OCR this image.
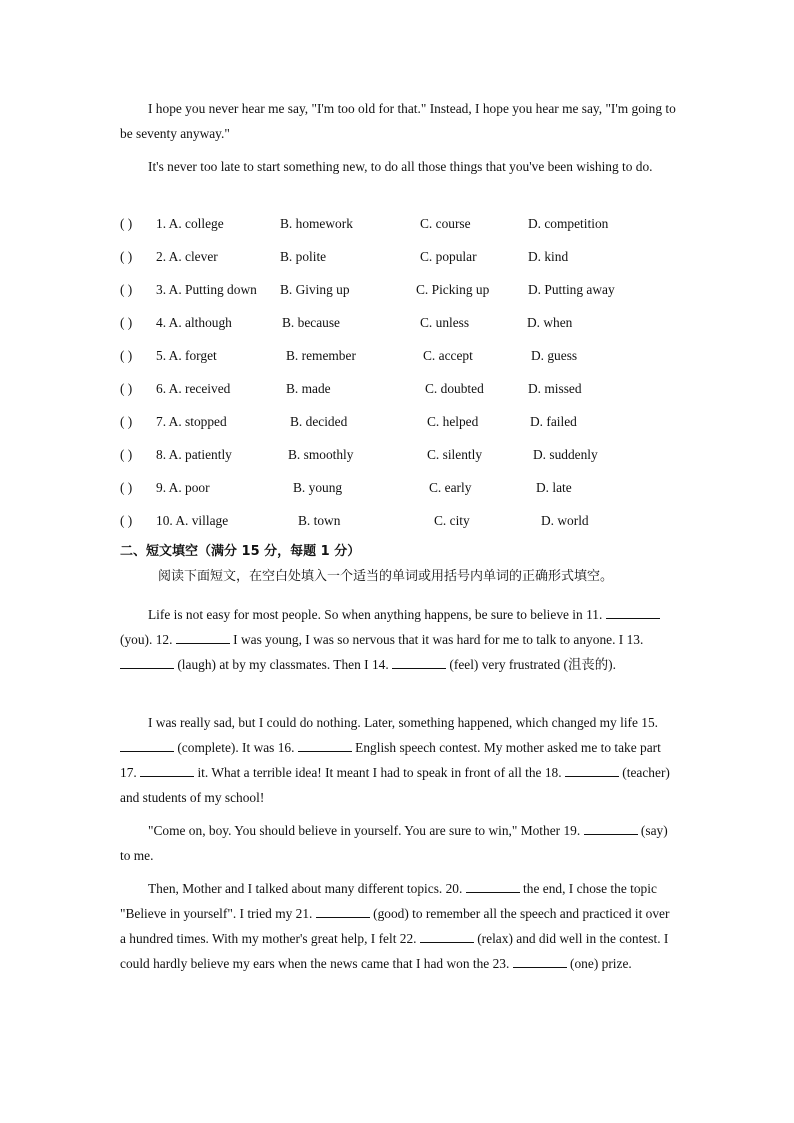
I hope you never hear me say, "I'm too old for that." Instead, I hope you hear me say, "I'm going to be seventy anyway."

It's never too late to start something new, to do all those things that you've been wishing to do.

( ) 1. A. college	B. homework	C. course	D. competition
( ) 2. A. clever	B. polite	C. popular	D. kind
( ) 3. A. Putting down B. Giving up	C. Picking up	D. Putting away
( ) 4. A. although	B. because	C. unless	D. when
( ) 5. A. forget	B. remember	C. accept	D. guess
( ) 6. A. received	B. made	C. doubted	D. missed
( ) 7. A. stopped	B. decided	C. helped	D. failed
( ) 8. A. patiently	B. smoothly	C. silently	D. suddenly
( ) 9. A. poor	B. young	C. early	D. late
( ) 10. A. village	B. town	C. city	D. world
二、短文填空（满分 15 分，每题 1 分）
阅读下面短文，在空白处填入一个适当的单词或用括号内单词的正确形式填空。

Life is not easy for most people. So when anything happens, be sure to believe in 11.  (you). 12.	I was young, I was so nervous that it was hard for me to talk to anyone. I 13.  (laugh) at by my classmates. Then I 14.	(feel) very frustrated (沮丧的).

I was really sad, but I could do nothing. Later, something happened, which changed my life 15.  (complete). It was 16.	English speech contest. My mother asked me to take part 17.	it. What a terrible idea! It meant I had to speak in front of all the 18.	(teacher) and students of my school!

"Come on, boy. You should believe in yourself. You are sure to win," Mother 19.	(say) to me.

Then, Mother and I talked about many different topics. 20.	the end, I chose the topic "Believe in yourself". I tried my 21.	(good) to remember all the speech and practiced it over a hundred times. With my mother's great help, I felt 22.	(relax) and did well in the contest. I could hardly believe my ears when the news came that I had won the 23.	(one) prize.
